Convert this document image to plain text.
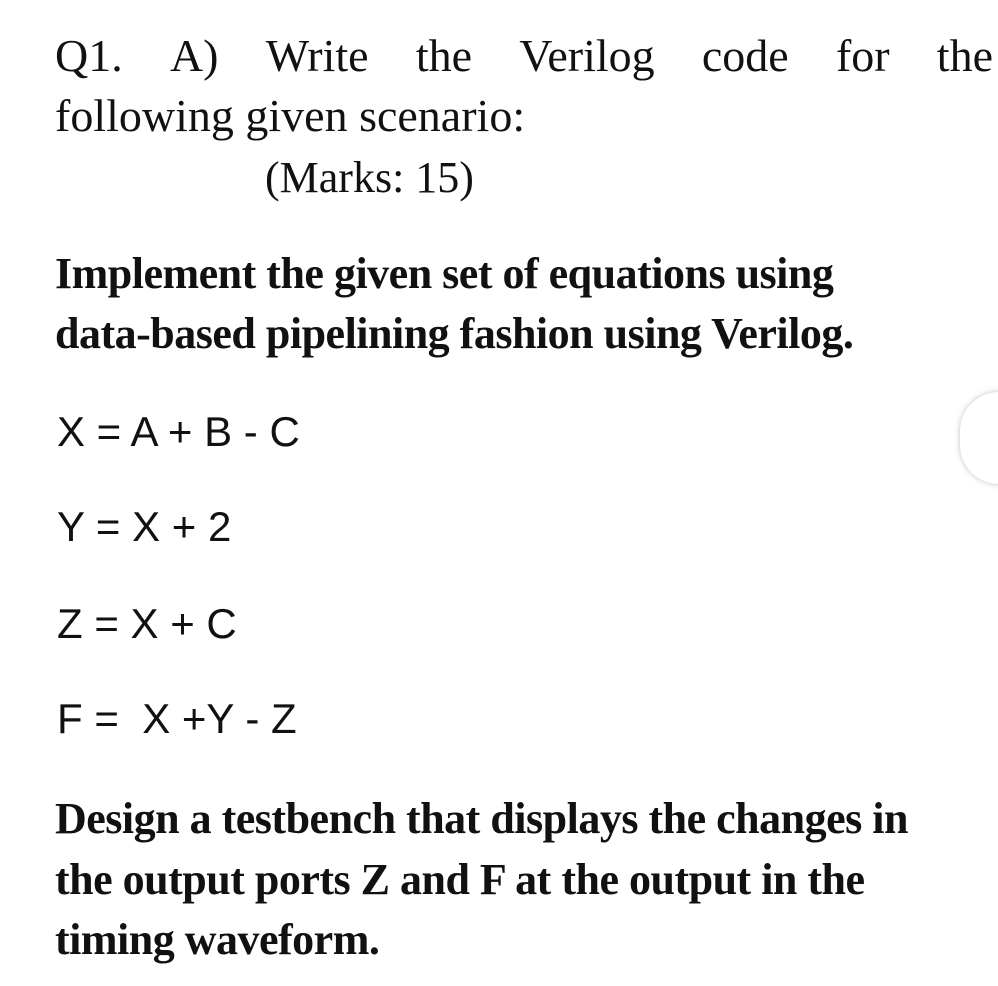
Q1. A) Write the Verilog code for the
following given scenario:
(Marks: 15)
Implement the given set of equations using
data-based pipelining fashion using Verilog.
X = A + B - C
Y = X + 2
Z = X + C
F =  X +Y - Z
Design a testbench that displays the changes in
the output ports Z and F at the output in the
timing waveform.
